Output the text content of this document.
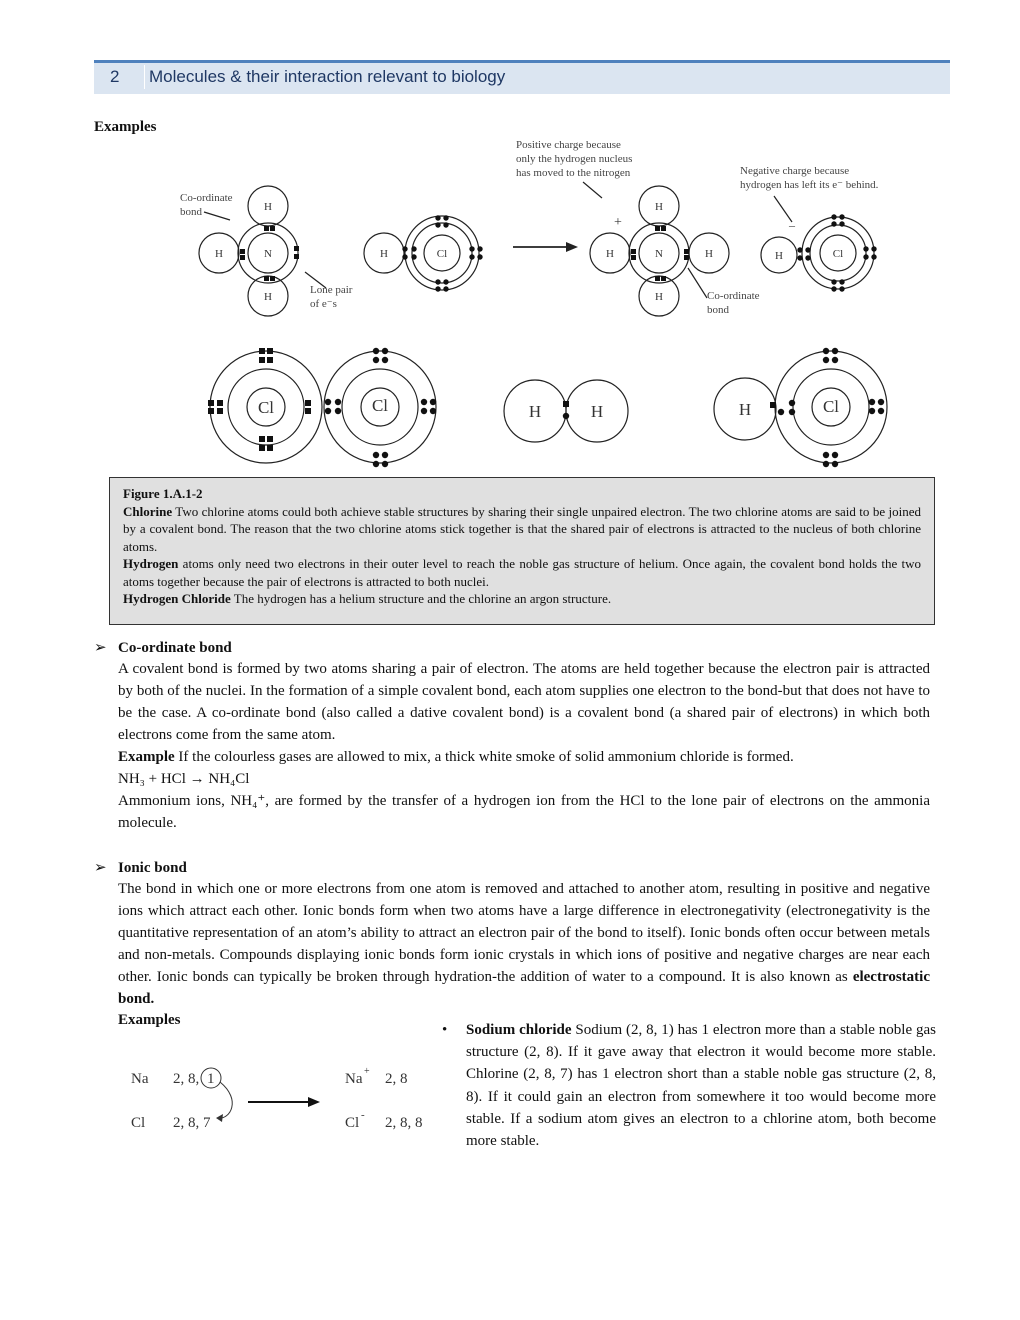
2 Molecules & their interaction relevant to biology
Examples
H
N
H
H
H	Cl
H
N
H	H
H
H	Cl
Cl	Cl	H	H	H	Cl
Positive charge because
only the hydrogen nucleus
has moved to the nitrogen	Negative charge because
hydrogen has left its e⁻ behind.
Co-ordinate
bond
Lone pair
of e⁻s
Co-ordinate
bond
+	–

Figure 1.A.1-2

Chlorine Two chlorine atoms could both achieve stable structures by sharing their single unpaired electron. The two chlorine atoms are said to be joined by a covalent bond. The reason that the two chlorine atoms stick together is that the shared pair of electrons is attracted to the nucleus of both chlorine atoms.

Hydrogen atoms only need two electrons in their outer level to reach the noble gas structure of helium. Once again, the covalent bond holds the two atoms together because the pair of electrons is attracted to both nuclei.

Hydrogen Chloride The hydrogen has a helium structure and the chlorine an argon structure.

➢ Co-ordinate bond

A covalent bond is formed by two atoms sharing a pair of electron. The atoms are held together because the electron pair is attracted by both of the nuclei. In the formation of a simple covalent bond, each atom supplies one electron to the bond-but that does not have to be the case. A co-ordinate bond (also called a dative covalent bond) is a covalent bond (a shared pair of electrons) in which both electrons come from the same atom.

Example If the colourless gases are allowed to mix, a thick white smoke of solid ammonium chloride is formed.

NH₃ + HCl → NH₄Cl

Ammonium ions, NH₄⁺, are formed by the transfer of a hydrogen ion from the HCl to the lone pair of electrons on the ammonia molecule.

➢ Ionic bond

The bond in which one or more electrons from one atom is removed and attached to another atom, resulting in positive and negative ions which attract each other. Ionic bonds form when two atoms have a large difference in electronegativity (electronegativity is the quantitative representation of an atom’s ability to attract an electron pair of the bond to itself). Ionic bonds often occur between metals and non-metals. Compounds displaying ionic bonds form ionic crystals in which ions of positive and negative charges are near each other. Ionic bonds can typically be broken through hydration-the addition of water to a compound. It is also known as electrostatic bond.

Examples
Na 2, 8, 1
Cl 2, 8, 7
Na + 2, 8
Cl - 2, 8, 8
• Sodium chloride Sodium (2, 8, 1) has 1 electron more than a stable noble gas structure (2, 8). If it gave away that electron it would become more stable. Chlorine (2, 8, 7) has 1 electron short than a stable noble gas structure (2, 8, 8). If it could gain an electron from somewhere it too would become more stable. If a sodium atom gives an electron to a chlorine atom, both become more stable.
